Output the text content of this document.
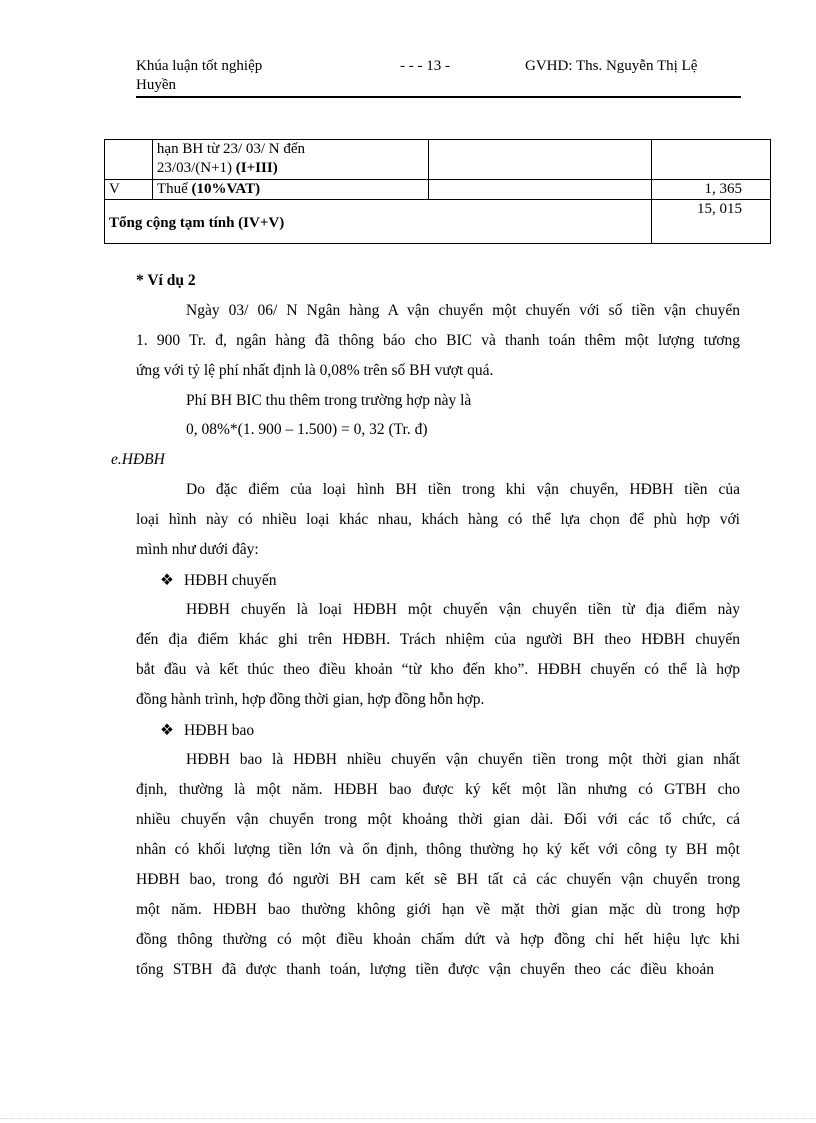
Khúa luận tốt nghiệp
Huyền
- - - 13 -	GVHD: Ths. Nguyễn Thị Lệ
	hạn BH từ 23/ 03/ N đến
23/03/(N+1) (I+III)		
V	Thuế (10%VAT)		1, 365
Tổng cộng tạm tính (IV+V)			15, 015
* Ví dụ 2
Ngày 03/ 06/ N Ngân hàng A vận chuyển một chuyến với số tiền vận chuyển
1. 900 Tr. đ, ngân hàng đã thông báo cho BIC và thanh toán thêm một lượng tương
ứng với tỷ lệ phí nhất định là 0,08% trên số BH vượt quá.
Phí BH BIC thu thêm trong trường hợp này là
0, 08%*(1. 900 – 1.500) = 0, 32 (Tr. đ)
e.HĐBH
Do đặc điểm của loại hình BH tiền trong khi vận chuyển, HĐBH tiền của
loại hình này có nhiều loại khác nhau, khách hàng có thể lựa chọn để phù hợp với
mình như dưới đây:
❖ HĐBH chuyến
HĐBH chuyến là loại HĐBH một chuyến vận chuyển tiền từ địa điểm này
đến địa điểm khác ghi trên HĐBH. Trách nhiệm của người BH theo HĐBH chuyến
bắt đầu và kết thúc theo điều khoản “từ kho đến kho”. HĐBH chuyến có thể là hợp
đồng hành trình, hợp đồng thời gian, hợp đồng hỗn hợp.
❖ HĐBH bao
HĐBH bao là HĐBH nhiều chuyến vận chuyển tiền trong một thời gian nhất
định, thường là một năm. HĐBH bao được ký kết một lần nhưng có GTBH cho
nhiều chuyến vận chuyển trong một khoảng thời gian dài. Đối với các tổ chức, cá
nhân có khối lượng tiền lớn và ổn định, thông thường họ ký kết với công ty BH một
HĐBH bao, trong đó người BH cam kết sẽ BH tất cả các chuyến vận chuyển trong
một năm. HĐBH bao thường không giới hạn về mặt thời gian mặc dù trong hợp
đồng thông thường có một điều khoản chấm dứt và hợp đồng chỉ hết hiệu lực khi
tổng STBH đã được thanh toán, lượng tiền được vận chuyển theo các điều khoản
